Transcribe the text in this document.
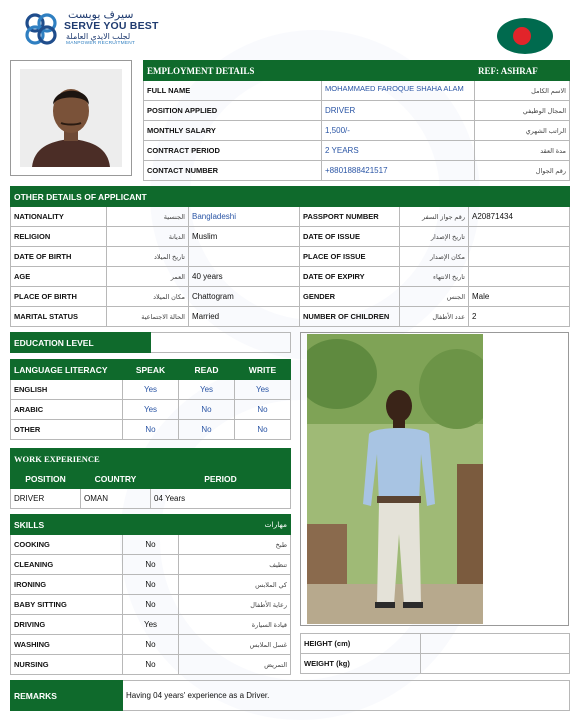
سيرف يوبست
SERVE YOU BEST
لجلب الايدي العاملة
MANPOWER RECRUITMENT
EMPLOYMENT DETAILS		REF: ASHRAF
FULL NAME	MOHAMMAED FAROQUE SHAHA ALAM	الاسم الكامل
POSITION APPLIED	DRIVER	المجال الوظيفي
MONTHLY SALARY	1,500/-	الراتب الشهري
CONTRACT PERIOD	2 YEARS	مدة العقد
CONTACT NUMBER	+8801888421517	رقم الجوال
OTHER DETAILS OF APPLICANT					
NATIONALITY	الجنسية	Bangladeshi	PASSPORT NUMBER	رقم جواز السفر	A20871434
RELIGION	الديانة	Muslim	DATE OF ISSUE	تاريخ الإصدار	
DATE OF BIRTH	تاريخ الميلاد		PLACE OF ISSUE	مكان الإصدار	
AGE	العمر	40 years	DATE OF EXPIRY	تاريخ الانتهاء	
PLACE OF BIRTH	مكان الميلاد	Chattogram	GENDER	الجنس	Male
MARITAL STATUS	الحالة الاجتماعية	Married	NUMBER OF CHILDREN	عدد الأطفال	2
EDUCATION LEVEL	
LANGUAGE LITERACY	SPEAK	READ	WRITE
ENGLISH	Yes	Yes	Yes
ARABIC	Yes	No	No
OTHER	No	No	No
WORK EXPERIENCE		
POSITION	COUNTRY	PERIOD
DRIVER	OMAN	04 Years
SKILLS		مهارات
COOKING	No	طبخ
CLEANING	No	تنظيف
IRONING	No	كي الملابس
BABY SITTING	No	رعاية الأطفال
DRIVING	Yes	قيادة السيارة
WASHING	No	غسل الملابس
NURSING	No	التمريض
HEIGHT (cm)	
WEIGHT (kg)	
REMARKS	Having 04 years' experience as a Driver.
